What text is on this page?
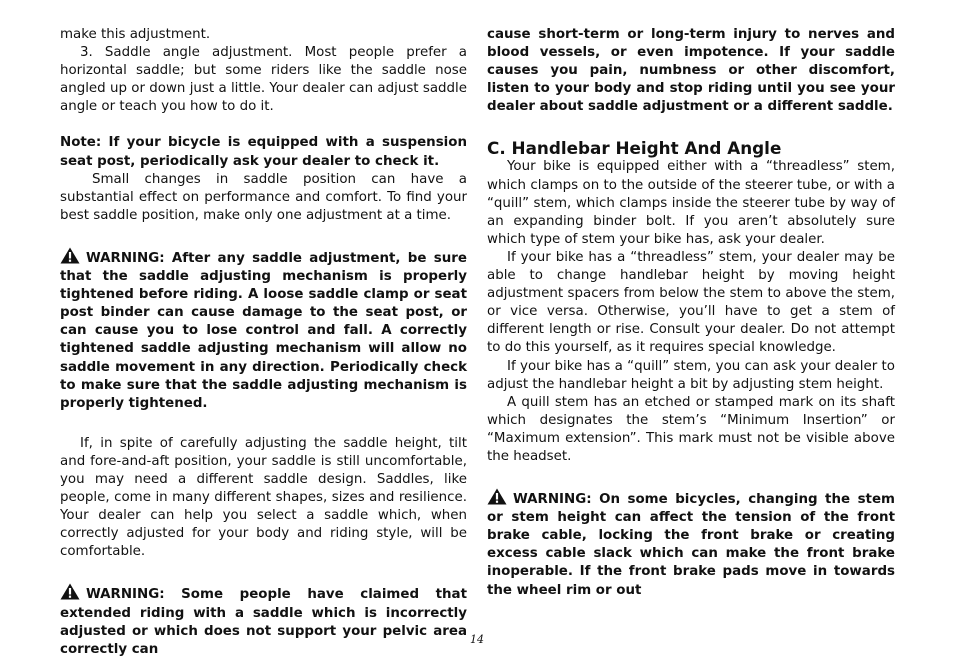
make this adjustment.

3. Saddle angle adjustment. Most people prefer a horizontal saddle; but some riders like the saddle nose angled up or down just a little. Your dealer can adjust saddle angle or teach you how to do it.

Note: If your bicycle is equipped with a suspension seat post, periodically ask your dealer to check it.

Small changes in saddle position can have a substantial effect on performance and comfort. To find your best saddle position, make only one adjustment at a time.

WARNING: After any saddle adjustment, be sure that the saddle adjusting mechanism is properly tightened before riding. A loose saddle clamp or seat post binder can cause damage to the seat post, or can cause you to lose control and fall. A correctly tightened saddle adjusting mechanism will allow no saddle movement in any direction. Periodically check to make sure that the saddle adjusting mechanism is properly tightened.

If, in spite of carefully adjusting the saddle height, tilt and fore-and-aft position, your saddle is still uncomfortable, you may need a different saddle design. Saddles, like people, come in many different shapes, sizes and resilience. Your dealer can help you select a saddle which, when correctly adjusted for your body and riding style, will be comfortable.

WARNING: Some people have claimed that extended riding with a saddle which is incorrectly adjusted or which does not support your pelvic area correctly can

cause short-term or long-term injury to nerves and blood vessels, or even impotence. If your saddle causes you pain, numbness or other discomfort, listen to your body and stop riding until you see your dealer about saddle adjustment or a different saddle.

C. Handlebar Height And Angle

Your bike is equipped either with a “threadless” stem, which clamps on to the outside of the steerer tube, or with a “quill” stem, which clamps inside the steerer tube by way of an expanding binder bolt. If you aren’t absolutely sure which type of stem your bike has, ask your dealer.

If your bike has a “threadless” stem, your dealer may be able to change handlebar height by moving height adjustment spacers from below the stem to above the stem, or vice versa. Otherwise, you’ll have to get a stem of different length or rise. Consult your dealer. Do not attempt to do this yourself, as it requires special knowledge.

If your bike has a “quill” stem, you can ask your dealer to adjust the handlebar height a bit by adjusting stem height.

A quill stem has an etched or stamped mark on its shaft which designates the stem’s “Minimum Insertion” or “Maximum extension”. This mark must not be visible above the headset.

WARNING: On some bicycles, changing the stem or stem height can affect the tension of the front brake cable, locking the front brake or creating excess cable slack which can make the front brake inoperable. If the front brake pads move in towards the wheel rim or out

14
